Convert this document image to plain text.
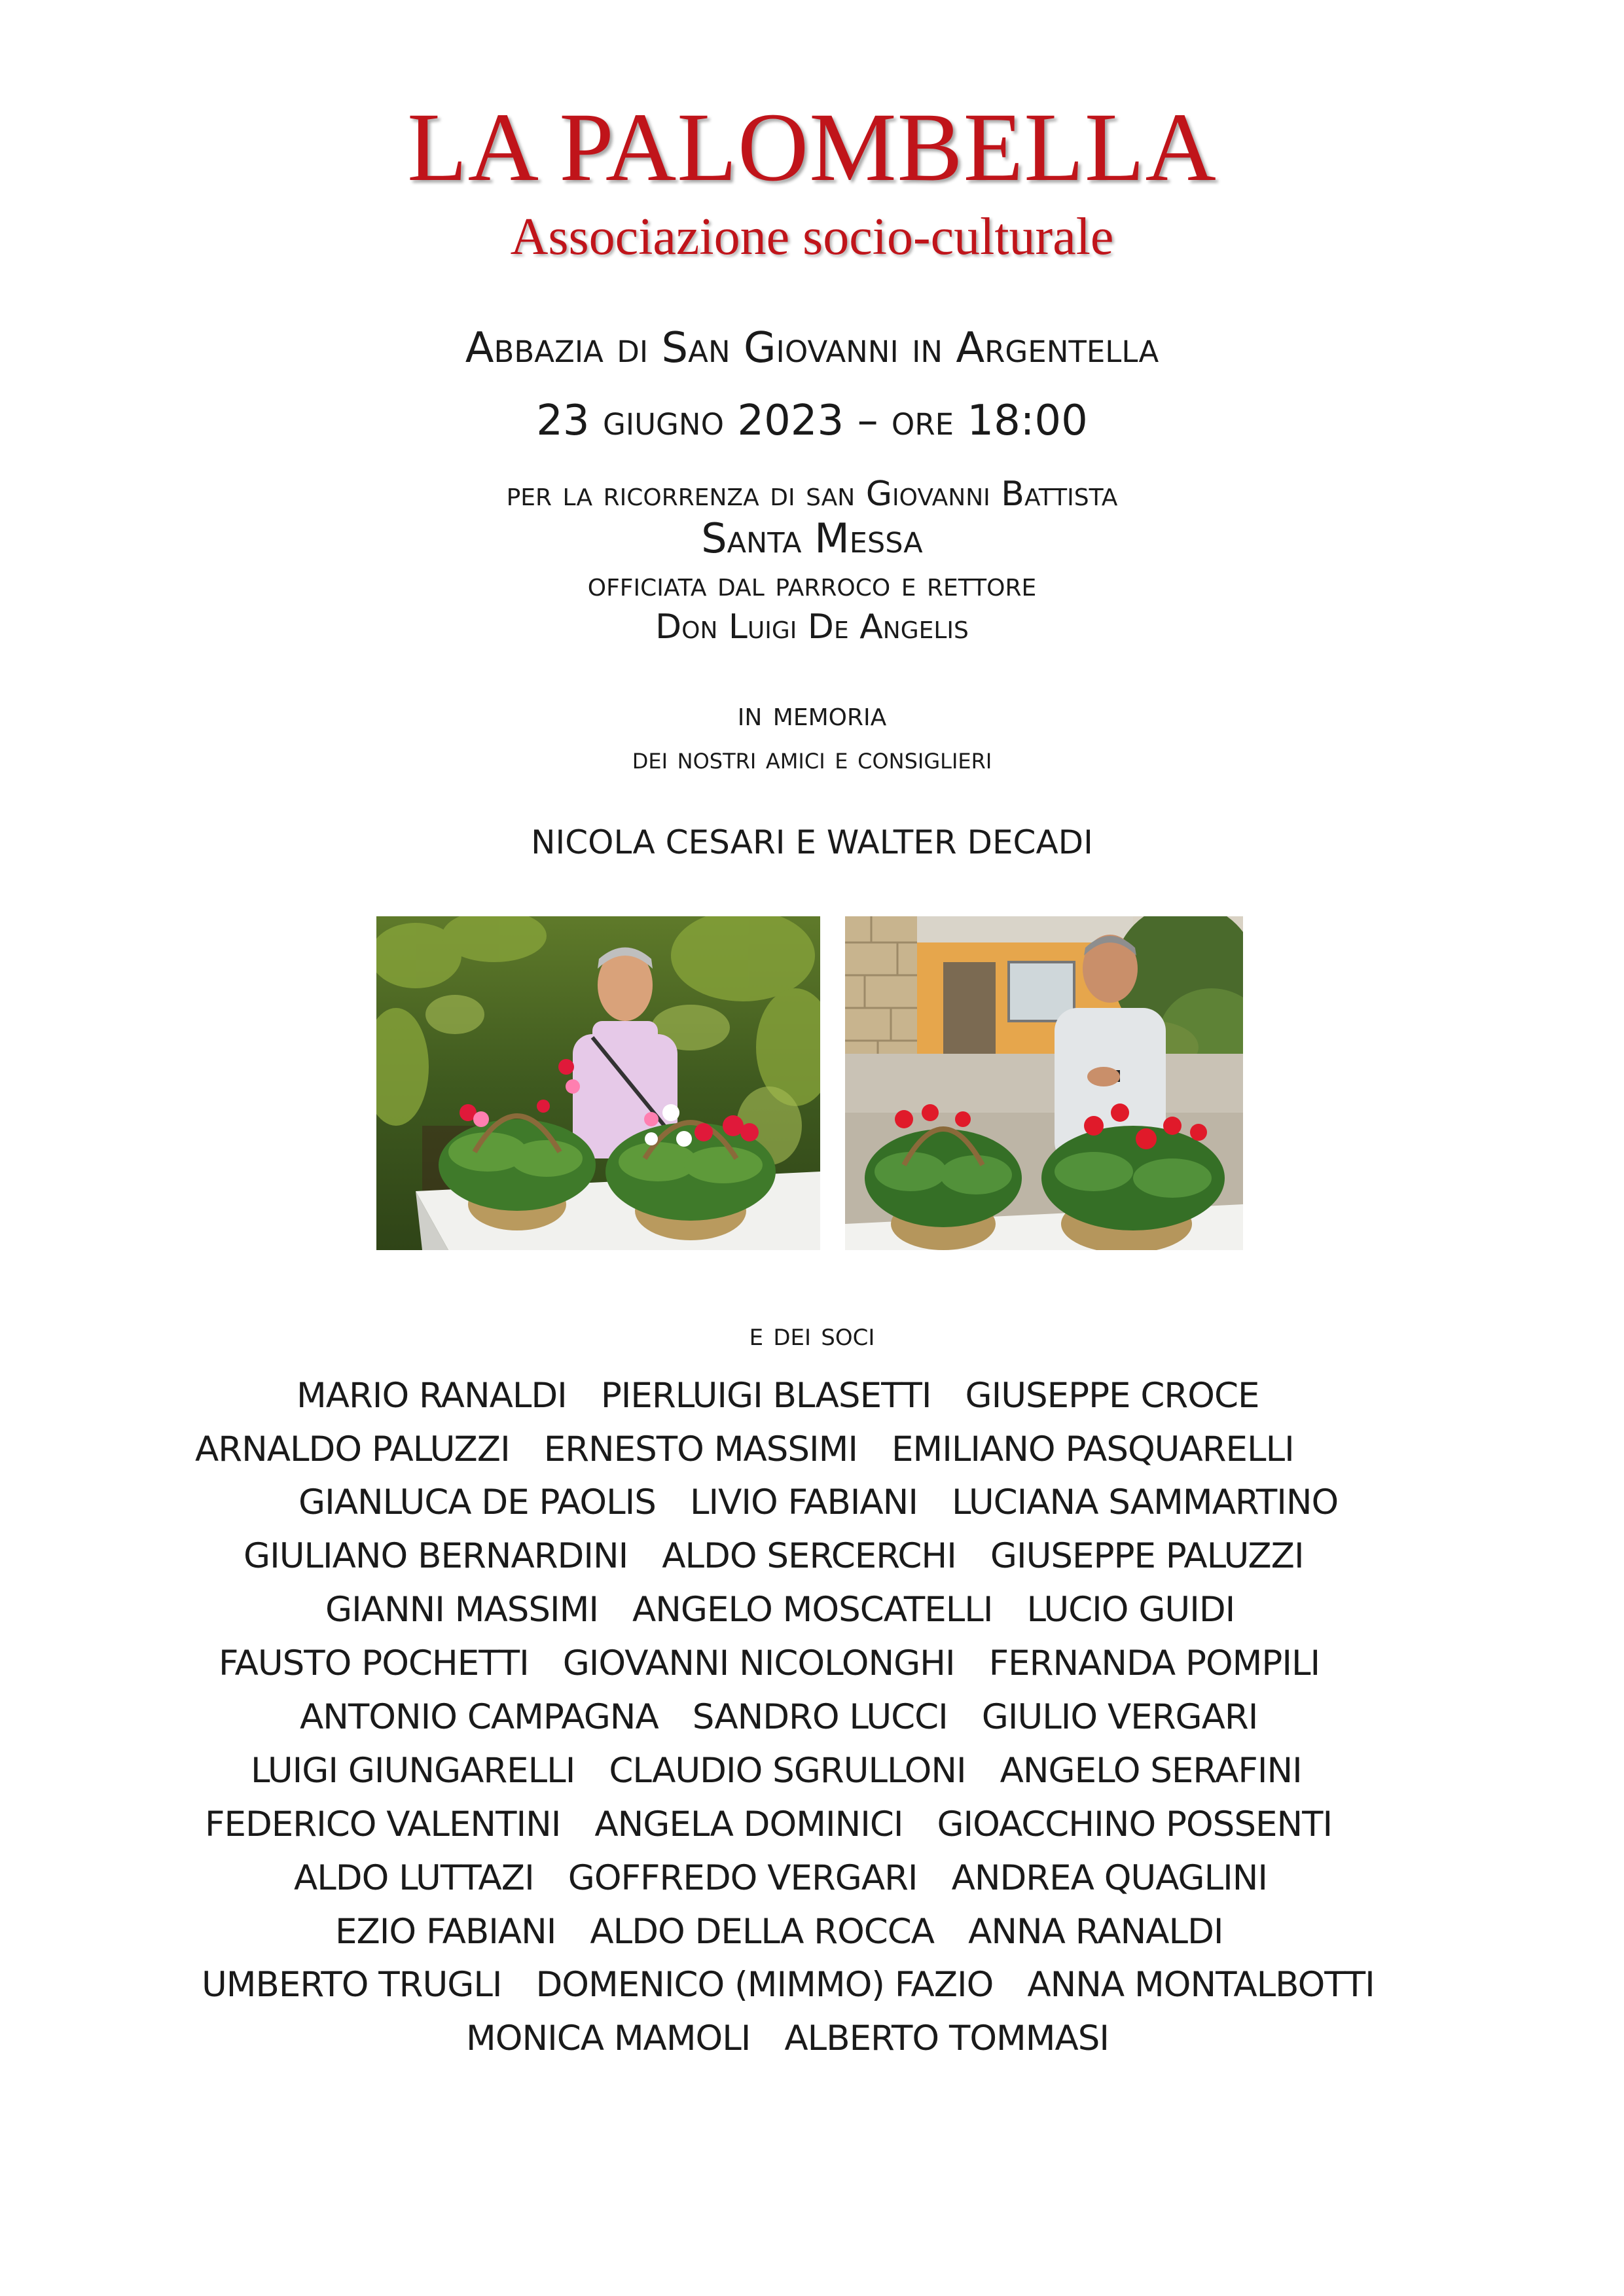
LA PALOMBELLA
Associazione socio-culturale
Abbazia di San Giovanni in Argentella
23 giugno 2023 – ore 18:00
per la ricorrenza di san Giovanni Battista
Santa Messa
officiata dal parroco e rettore
Don Luigi De Angelis
in memoria
dei nostri amici e consiglieri
NICOLA CESARI E WALTER DECADI
e dei soci
MARIO RANALDI PIERLUIGI BLASETTI GIUSEPPE CROCE
ARNALDO PALUZZI ERNESTO MASSIMI EMILIANO PASQUARELLI
GIANLUCA DE PAOLIS LIVIO FABIANI LUCIANA SAMMARTINO
GIULIANO BERNARDINI ALDO SERCERCHI GIUSEPPE PALUZZI
GIANNI MASSIMI ANGELO MOSCATELLI LUCIO GUIDI
FAUSTO POCHETTI GIOVANNI NICOLONGHI FERNANDA POMPILI
ANTONIO CAMPAGNA SANDRO LUCCI GIULIO VERGARI
LUIGI GIUNGARELLI CLAUDIO SGRULLONI ANGELO SERAFINI
FEDERICO VALENTINI ANGELA DOMINICI GIOACCHINO POSSENTI
ALDO LUTTAZI GOFFREDO VERGARI ANDREA QUAGLINI
EZIO FABIANI ALDO DELLA ROCCA ANNA RANALDI
UMBERTO TRUGLI DOMENICO (MIMMO) FAZIO ANNA MONTALBOTTI
MONICA MAMOLI ALBERTO TOMMASI
